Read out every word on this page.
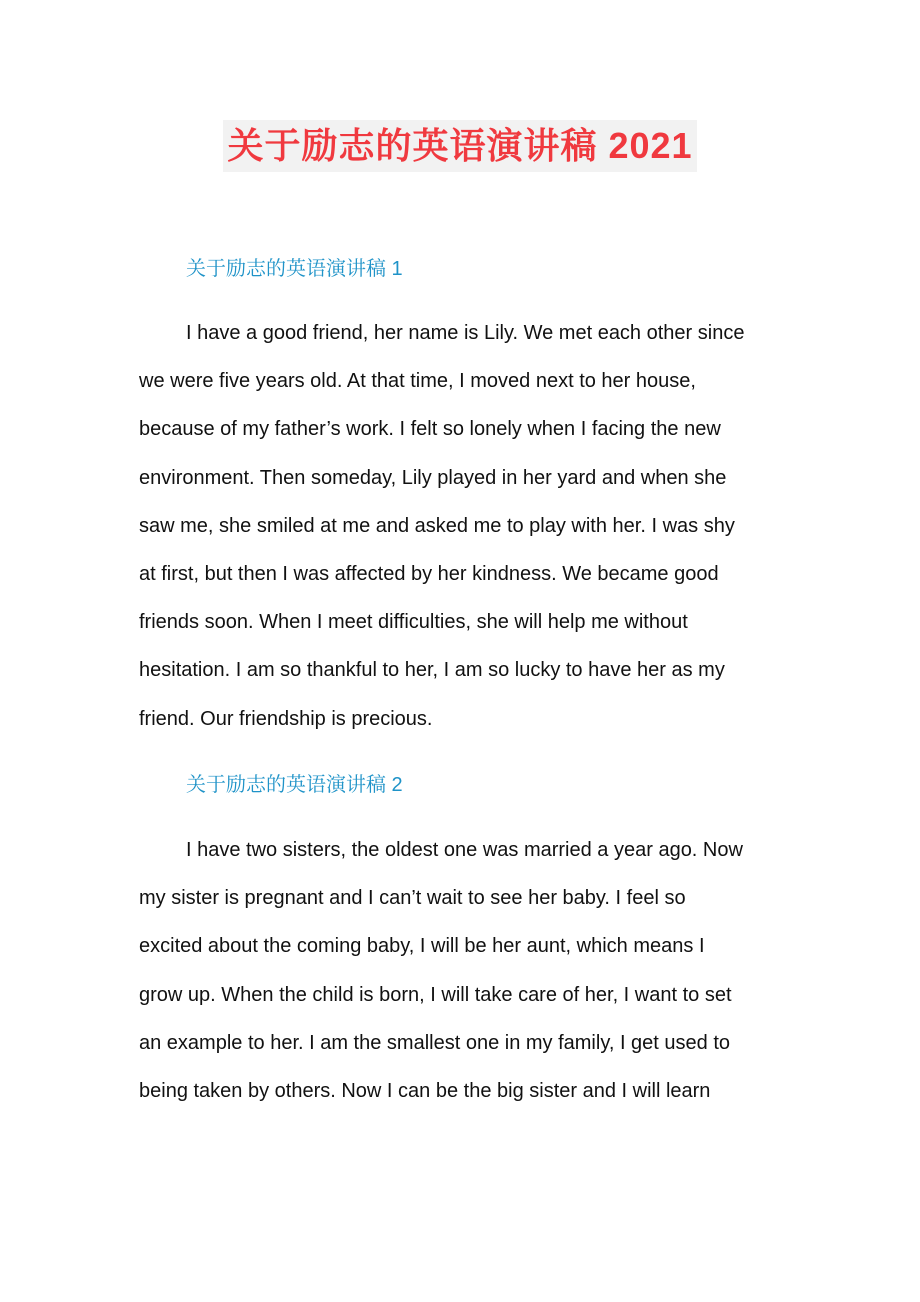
关于励志的英语演讲稿 2021
关于励志的英语演讲稿 1
I have a good friend, her name is Lily. We met each other since
we were five years old. At that time, I moved next to her house,
because of my father’s work. I felt so lonely when I facing the new
environment. Then someday, Lily played in her yard and when she
saw me, she smiled at me and asked me to play with her. I was shy
at first, but then I was affected by her kindness. We became good
friends soon. When I meet difficulties, she will help me without
hesitation. I am so thankful to her, I am so lucky to have her as my
friend. Our friendship is precious.
关于励志的英语演讲稿 2
I have two sisters, the oldest one was married a year ago. Now
my sister is pregnant and I can’t wait to see her baby. I feel so
excited about the coming baby, I will be her aunt, which means I
grow up. When the child is born, I will take care of her, I want to set
an example to her. I am the smallest one in my family, I get used to
being taken by others. Now I can be the big sister and I will learn
